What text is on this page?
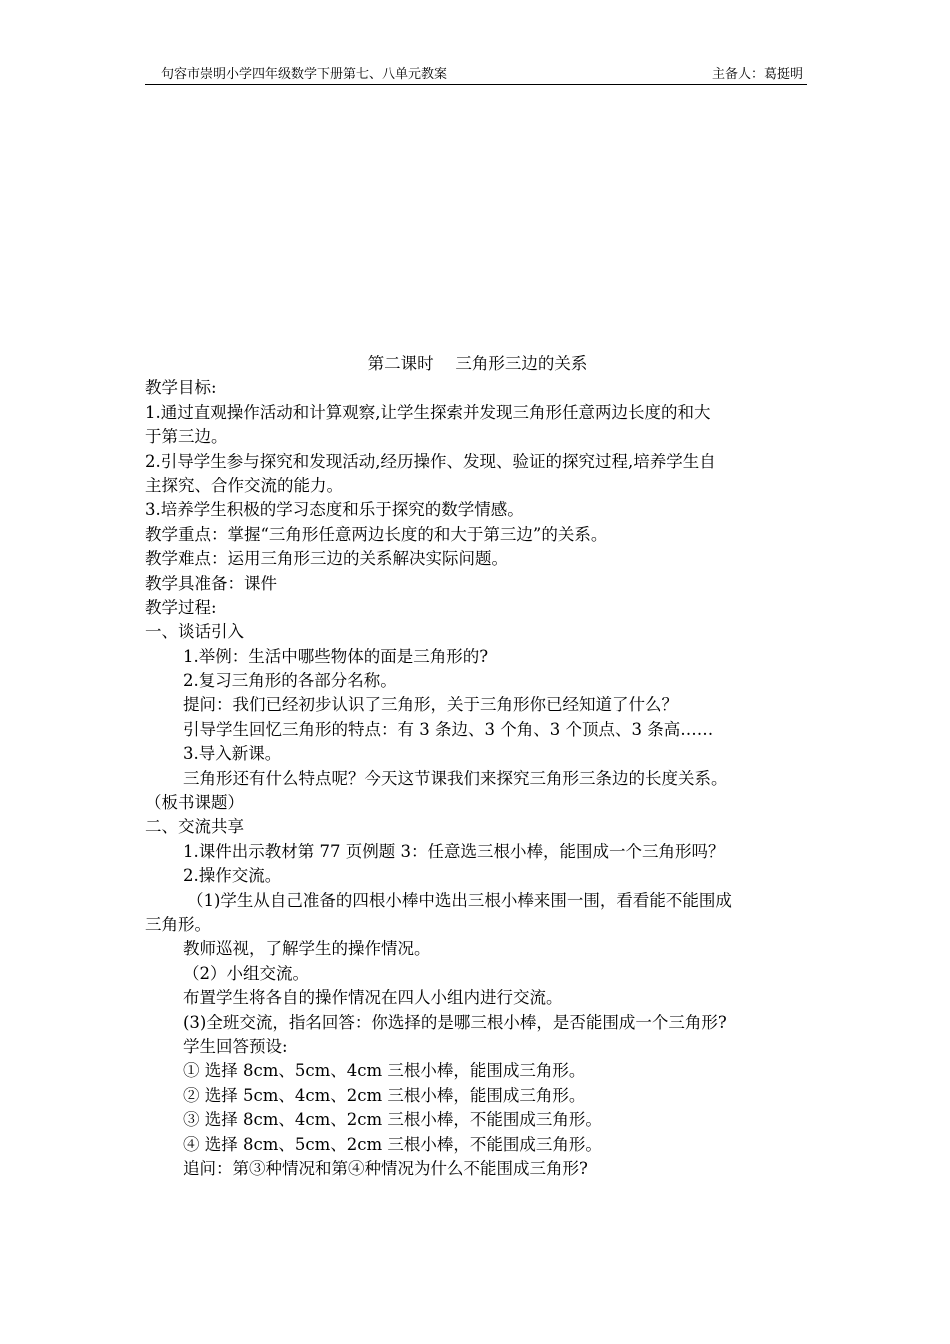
句容市崇明小学四年级数学下册第七、八单元教案	主备人：葛挺明
第二课时　 三角形三边的关系
教学目标:
1.通过直观操作活动和计算观察,让学生探索并发现三角形任意两边长度的和大
于第三边。
2.引导学生参与探究和发现活动,经历操作、发现、验证的探究过程,培养学生自
主探究、合作交流的能力。
3.培养学生积极的学习态度和乐于探究的数学情感。
教学重点：掌握“三角形任意两边长度的和大于第三边”的关系。
教学难点：运用三角形三边的关系解决实际问题。
教学具准备：课件
教学过程:
一、谈话引入
1.举例：生活中哪些物体的面是三角形的?
2.复习三角形的各部分名称。
提问：我们已经初步认识了三角形，关于三角形你已经知道了什么？
引导学生回忆三角形的特点：有 3 条边、3 个角、3 个顶点、3 条高……
3.导入新课。
三角形还有什么特点呢？今天这节课我们来探究三角形三条边的长度关系。
（板书课题）
二、交流共享
1.课件出示教材第 77 页例题 3：任意选三根小棒，能围成一个三角形吗？
2.操作交流。
（1)学生从自己准备的四根小棒中选出三根小棒来围一围，看看能不能围成
三角形。
教师巡视，了解学生的操作情况。
（2）小组交流。
布置学生将各自的操作情况在四人小组内进行交流。
(3)全班交流，指名回答：你选择的是哪三根小棒，是否能围成一个三角形?
学生回答预设:
① 选择 8cm、5cm、4cm 三根小棒，能围成三角形。
② 选择 5cm、4cm、2cm 三根小棒，能围成三角形。
③ 选择 8cm、4cm、2cm 三根小棒，不能围成三角形。
④ 选择 8cm、5cm、2cm 三根小棒，不能围成三角形。
追问：第③种情况和第④种情况为什么不能围成三角形?
